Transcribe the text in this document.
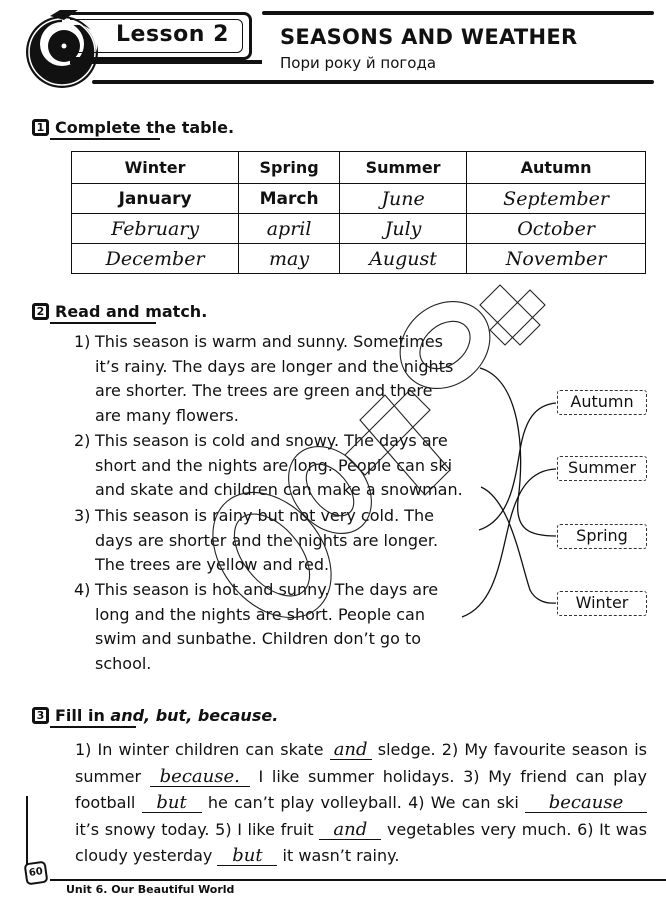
Lesson 2 SEASONS AND WEATHER
Пори року й погода
1 Complete the table.
Winter	Spring	Summer	Autumn
January	March	June	September
February	april	July	October
December	may	August	November
2 Read and match.
1) This season is warm and sunny. Sometimes
it’s rainy. The days are longer and the nights
are shorter. The trees are green and there
are many flowers.
2) This season is cold and snowy. The days are
short and the nights are long. People can ski
and skate and children can make a snowman.
3) This season is rainy but not very cold. The
days are shorter and the nights are longer.
The trees are yellow and red.
4) This season is hot and sunny. The days are
long and the nights are short. People can
swim and sunbathe. Children don’t go to
school.
Autumn
Summer
Spring
Winter
3 Fill in and, but, because.
1) In winter children can skate and sledge. 2) My favourite season is summer because. I like summer holidays. 3) My friend can play football but he can’t play volleyball. 4) We can ski because it’s snowy today. 5) I like fruit and vegetables very much. 6) It was cloudy yesterday but it wasn’t rainy.
60
Unit 6. Our Beautiful World
